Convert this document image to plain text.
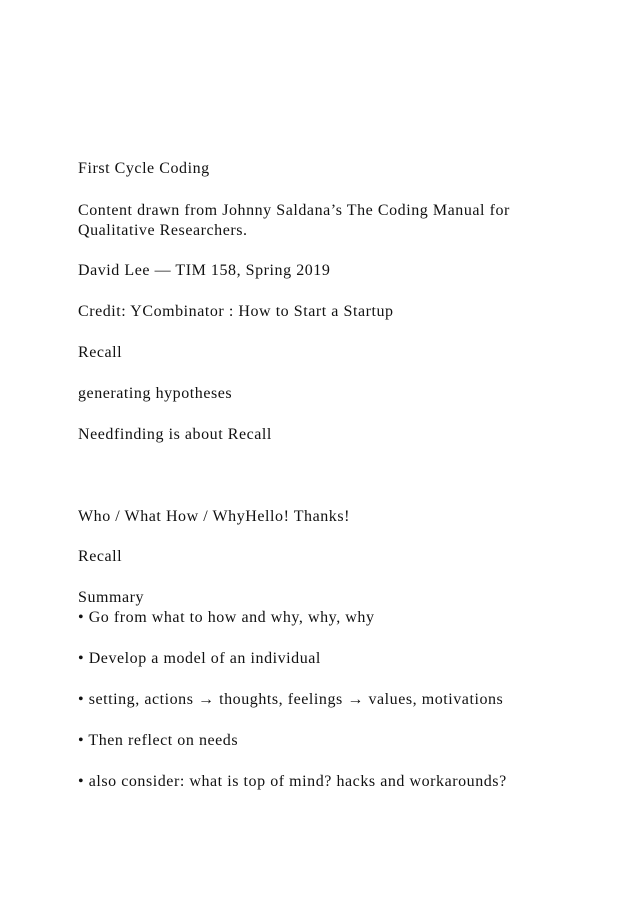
First Cycle Coding
Content drawn from Johnny Saldana’s The Coding Manual for
Qualitative Researchers.
David Lee — TIM 158, Spring 2019
Credit: YCombinator : How to Start a Startup
Recall
generating hypotheses
Needfinding is about Recall
Who / What How / WhyHello! Thanks!
Recall
Summary
• Go from what to how and why, why, why
• Develop a model of an individual
• setting, actions → thoughts, feelings → values, motivations
• Then reflect on needs
• also consider: what is top of mind? hacks and workarounds?
